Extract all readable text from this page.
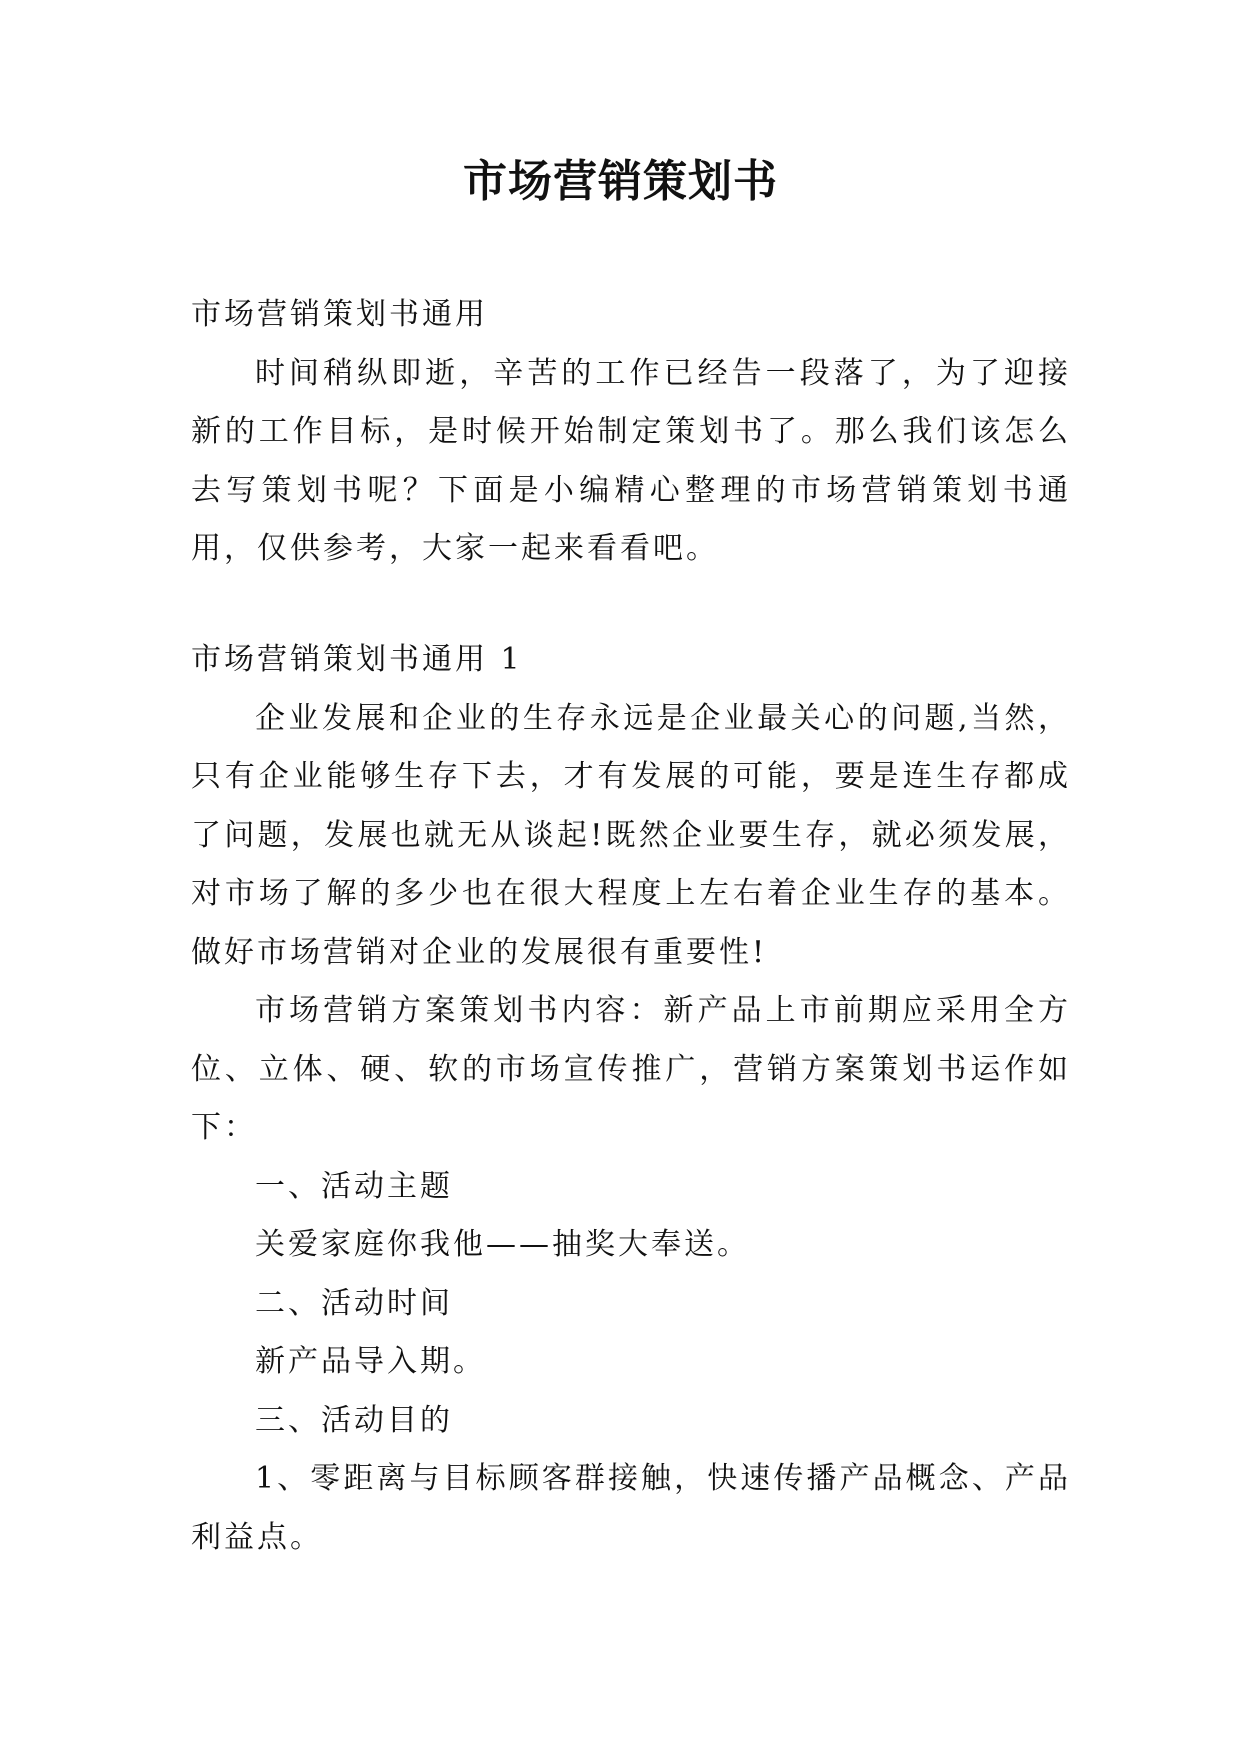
市场营销策划书

市场营销策划书通用

时间稍纵即逝，辛苦的工作已经告一段落了，为了迎接新的工作目标，是时候开始制定策划书了。那么我们该怎么去写策划书呢？下面是小编精心整理的市场营销策划书通用，仅供参考，大家一起来看看吧。

市场营销策划书通用 1

企业发展和企业的生存永远是企业最关心的问题,当然，只有企业能够生存下去，才有发展的可能，要是连生存都成了问题，发展也就无从谈起!既然企业要生存，就必须发展，对市场了解的多少也在很大程度上左右着企业生存的基本。做好市场营销对企业的发展很有重要性!

市场营销方案策划书内容：新产品上市前期应采用全方位、立体、硬、软的市场宣传推广，营销方案策划书运作如下：

一、活动主题

关爱家庭你我他——抽奖大奉送。

二、活动时间

新产品导入期。

三、活动目的

1、零距离与目标顾客群接触，快速传播产品概念、产品利益点。
